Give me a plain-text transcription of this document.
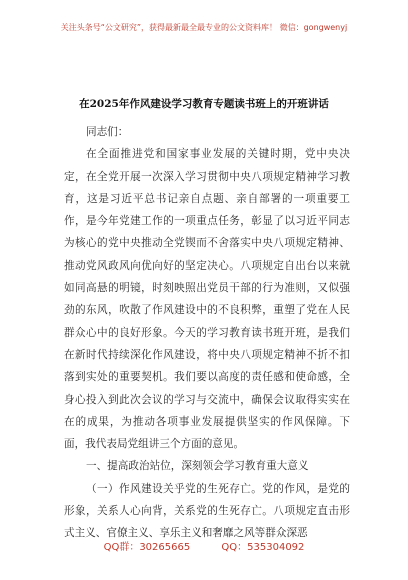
关注头条号“公文研究”，获得最新最全最专业的公文资料库！ 微信：gongwenyj
在2025年作风建设学习教育专题读书班上的开班讲话

同志们：

在全面推进党和国家事业发展的关键时期，党中央决定，在全党开展一次深入学习贯彻中央八项规定精神学习教育，这是习近平总书记亲自点题、亲自部署的一项重要工作，是今年党建工作的一项重点任务，彰显了以习近平同志为核心的党中央推动全党锲而不舍落实中央八项规定精神、推动党风政风向优向好的坚定决心。八项规定自出台以来就如同高悬的明镜，时刻映照出党员干部的行为准则，又似强劲的东风，吹散了作风建设中的不良积弊，重塑了党在人民群众心中的良好形象。今天的学习教育读书班开班，是我们在新时代持续深化作风建设，将中央八项规定精神不折不扣落到实处的重要契机。我们要以高度的责任感和使命感，全身心投入到此次会议的学习与交流中，确保会议取得实实在在的成果，为推动各项事业发展提供坚实的作风保障。下面，我代表局党组讲三个方面的意见。

一、提高政治站位，深刻领会学习教育重大意义

（一）作风建设关乎党的生死存亡。党的作风，是党的形象，关系人心向背，关系党的生死存亡。八项规定直击形式主义、官僚主义、享乐主义和奢靡之风等群众深恶

QQ群：30265665	QQ：535304092
